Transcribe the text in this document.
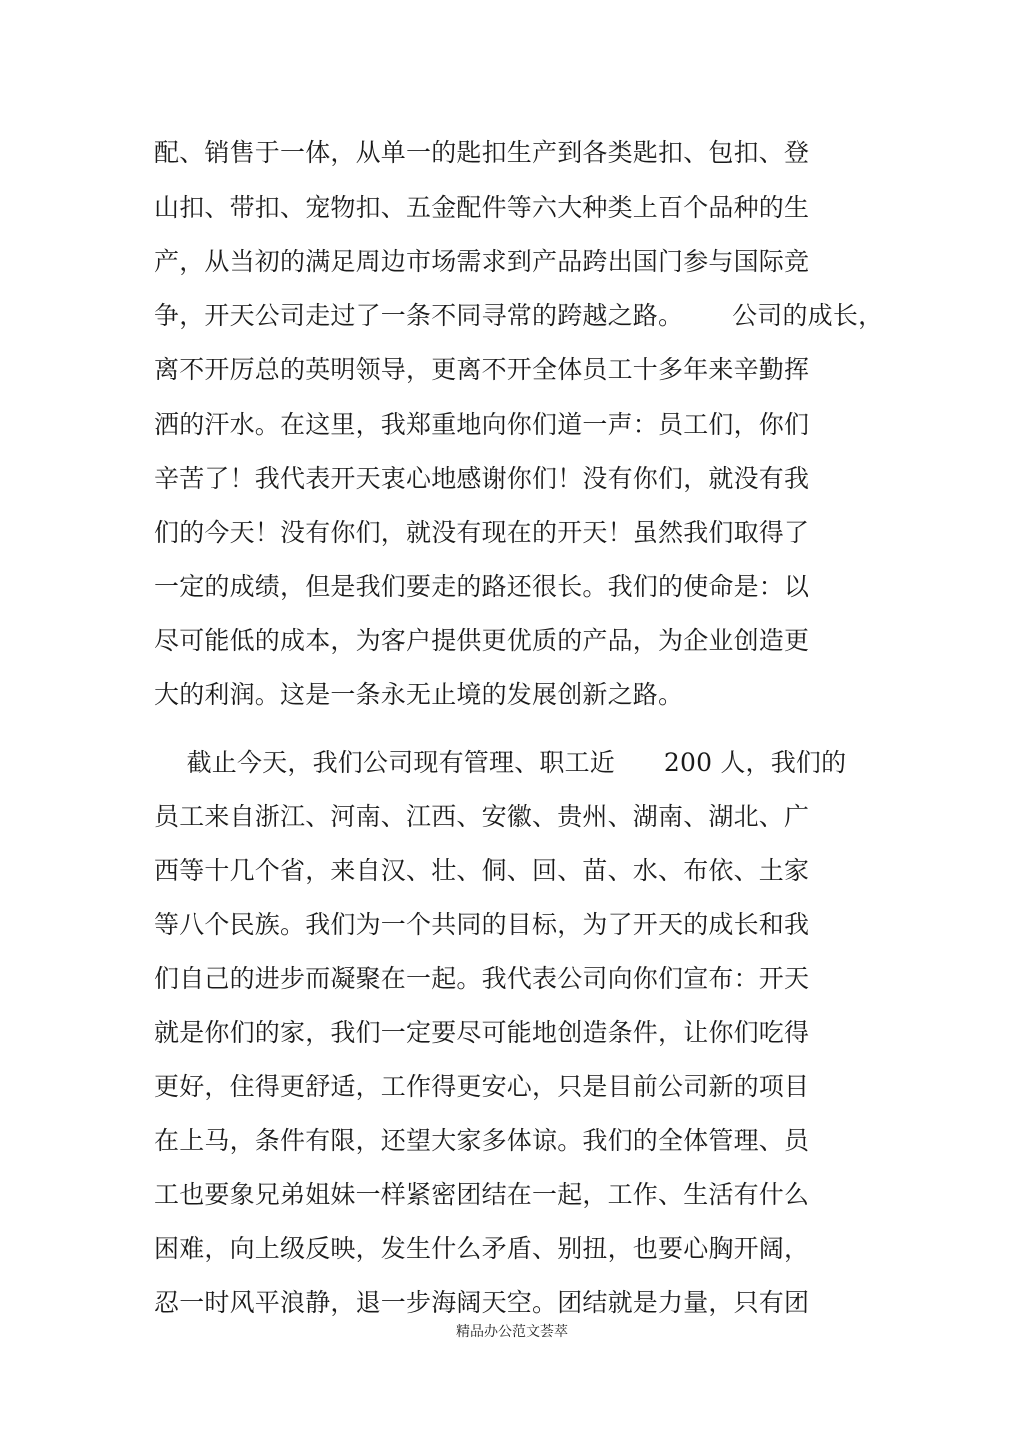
配、销售于一体，从单一的匙扣生产到各类匙扣、包扣、登
山扣、带扣、宠物扣、五金配件等六大种类上百个品种的生
产，从当初的满足周边市场需求到产品跨出国门参与国际竞
争，开天公司走过了一条不同寻常的跨越之路。      公司的成长，
离不开厉总的英明领导，更离不开全体员工十多年来辛勤挥
洒的汗水。在这里，我郑重地向你们道一声：员工们，你们
辛苦了！我代表开天衷心地感谢你们！没有你们，就没有我
们的今天！没有你们，就没有现在的开天！虽然我们取得了
一定的成绩，但是我们要走的路还很长。我们的使命是：以
尽可能低的成本，为客户提供更优质的产品，为企业创造更
大的利润。这是一条永无止境的发展创新之路。
截止今天，我们公司现有管理、职工近      200 人，我们的
员工来自浙江、河南、江西、安徽、贵州、湖南、湖北、广
西等十几个省，来自汉、壮、侗、回、苗、水、布依、土家
等八个民族。我们为一个共同的目标，为了开天的成长和我
们自己的进步而凝聚在一起。我代表公司向你们宣布：开天
就是你们的家，我们一定要尽可能地创造条件，让你们吃得
更好，住得更舒适，工作得更安心，只是目前公司新的项目
在上马，条件有限，还望大家多体谅。我们的全体管理、员
工也要象兄弟姐妹一样紧密团结在一起，工作、生活有什么
困难，向上级反映，发生什么矛盾、别扭，也要心胸开阔，
忍一时风平浪静，退一步海阔天空。团结就是力量，只有团
精品办公范文荟萃
